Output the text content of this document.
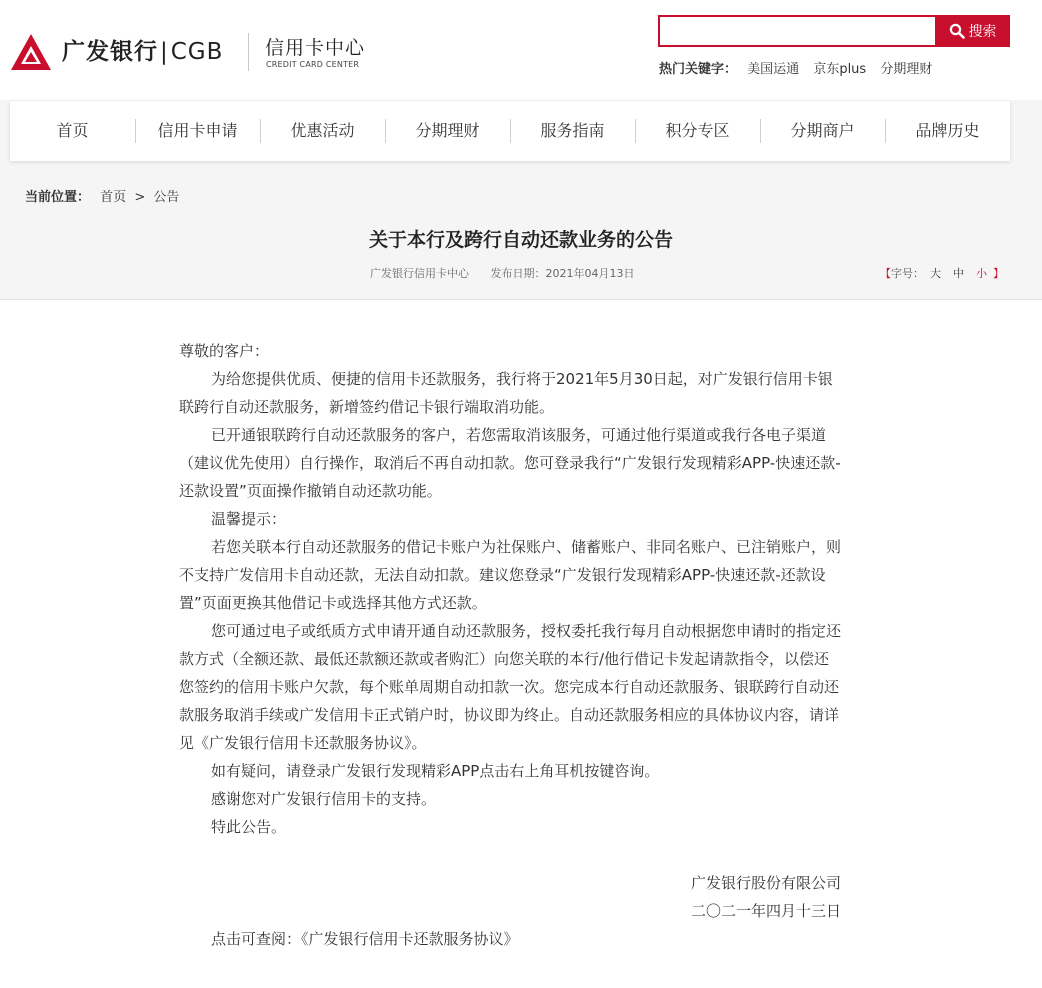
广发银行|CGB 信用卡中心
CREDIT CARD CENTER
搜索
热门关键字： 美国运通 京东plus 分期理财
首页	信用卡申请	优惠活动	分期理财	服务指南	积分专区	分期商户	品牌历史
当前位置： 首页 > 公告
关于本行及跨行自动还款业务的公告
广发银行信用卡中心 发布日期：2021年04月13日	【字号： 大 中 小 】

尊敬的客户：

为给您提供优质、便捷的信用卡还款服务，我行将于2021年5月30日起，对广发银行信用卡银联跨行自动还款服务，新增签约借记卡银行端取消功能。

已开通银联跨行自动还款服务的客户，若您需取消该服务，可通过他行渠道或我行各电子渠道（建议优先使用）自行操作，取消后不再自动扣款。您可登录我行“广发银行发现精彩APP-快速还款-还款设置”页面操作撤销自动还款功能。

温馨提示：

若您关联本行自动还款服务的借记卡账户为社保账户、储蓄账户、非同名账户、已注销账户，则不支持广发信用卡自动还款，无法自动扣款。建议您登录“广发银行发现精彩APP-快速还款-还款设置”页面更换其他借记卡或选择其他方式还款。

您可通过电子或纸质方式申请开通自动还款服务，授权委托我行每月自动根据您申请时的指定还款方式（全额还款、最低还款额还款或者购汇）向您关联的本行/他行借记卡发起请款指令，以偿还您签约的信用卡账户欠款，每个账单周期自动扣款一次。您完成本行自动还款服务、银联跨行自动还款服务取消手续或广发信用卡正式销户时，协议即为终止。自动还款服务相应的具体协议内容，请详见《广发银行信用卡还款服务协议》。

如有疑问，请登录广发银行发现精彩APP点击右上角耳机按键咨询。

感谢您对广发银行信用卡的支持。

特此公告。

广发银行股份有限公司

二〇二一年四月十三日

点击可查阅：《广发银行信用卡还款服务协议》
